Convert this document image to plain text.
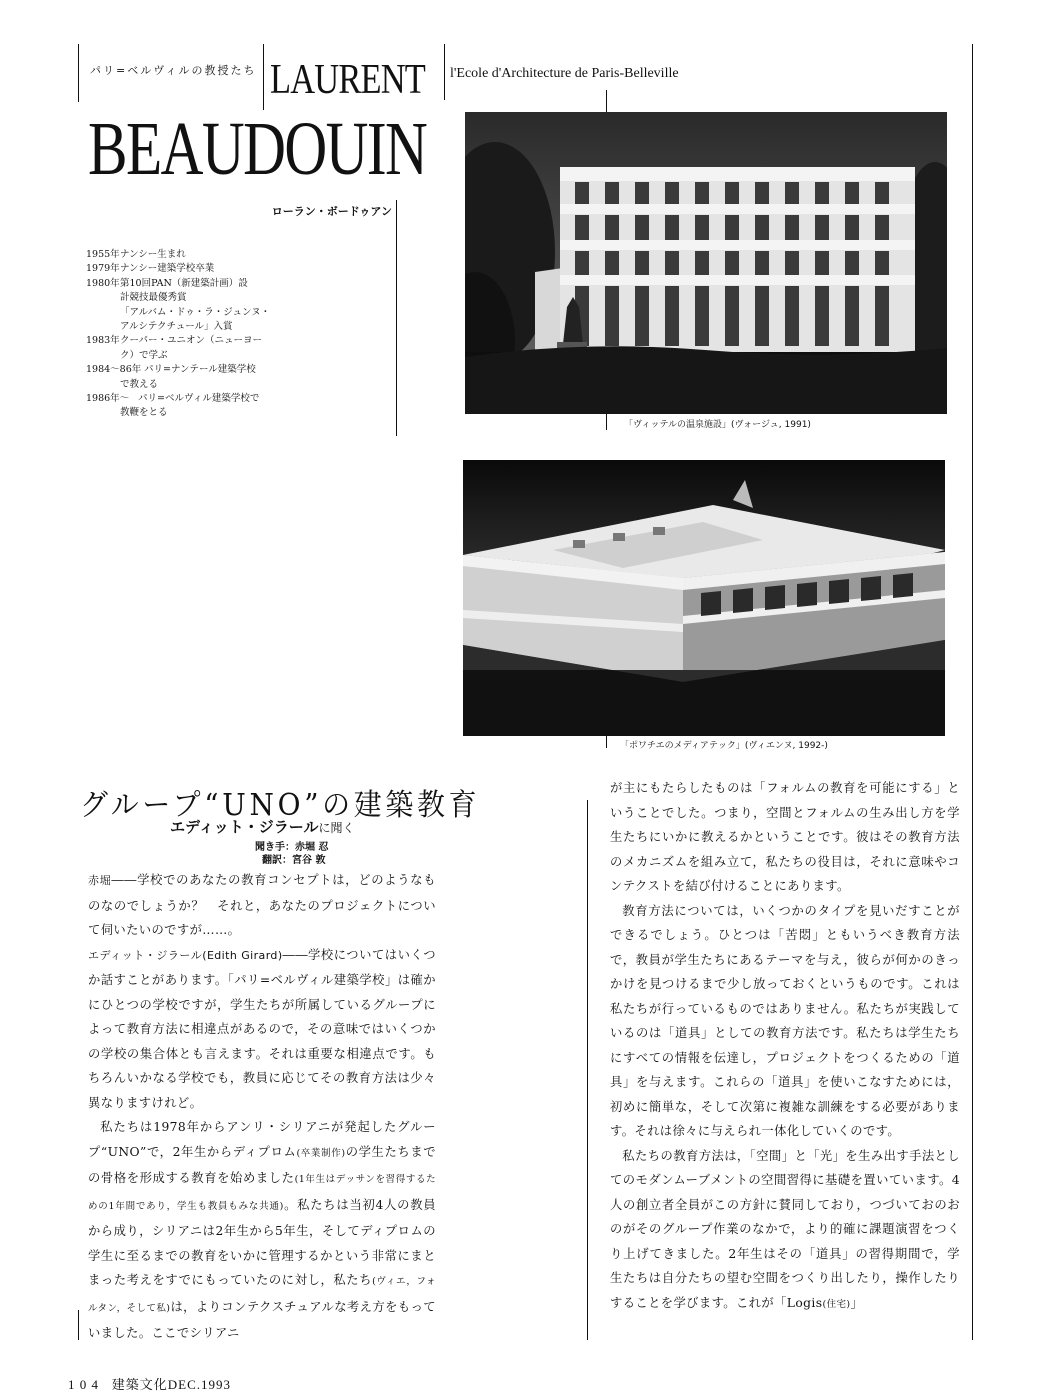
パリ=ベルヴィルの教授たち LAURENT
BEAUDOUIN
ローラン・ボードゥアン
l'Ecole d'Architecture de Paris-Belleville
1955年 ナンシー生まれ
1979年 ナンシー建築学校卒業
1980年 第10回PAN（新建築計画）設
計競技最優秀賞
「アルバム・ドゥ・ラ・ジュンヌ・
アルシテクチュール」入賞
1983年 クーパー・ユニオン（ニューヨー
ク）で学ぶ
1984〜86年 パリ=ナンテール建築学校
で教える
1986年〜 パリ=ベルヴィル建築学校で
教鞭をとる
「ヴィッテルの温泉施設」(ヴォージュ, 1991)
「ポワチエのメディアテック」(ヴィエンヌ, 1992-)
グループ“UNO”の建築教育
エディット・ジラールに聞く
聞き手：赤堀 忍
翻訳：宮谷 敦

赤堀――学校でのあなたの教育コンセプトは，どのようなものなのでしょうか？　それと，あなたのプロジェクトについて伺いたいのですが……。

エディット・ジラール(Edith Girard)――学校についてはいくつか話すことがあります。「パリ=ベルヴィル建築学校」は確かにひとつの学校ですが，学生たちが所属しているグループによって教育方法に相違点があるので，その意味ではいくつかの学校の集合体とも言えます。それは重要な相違点です。もちろんいかなる学校でも，教員に応じてその教育方法は少々異なりますけれど。

私たちは1978年からアンリ・シリアニが発起したグループ“UNO”で，2年生からディプロム(卒業制作)の学生たちまでの骨格を形成する教育を始めました(1年生はデッサンを習得するための1年間であり，学生も教員もみな共通)。私たちは当初4人の教員から成り，シリアニは2年生から5年生，そしてディプロムの学生に至るまでの教育をいかに管理するかという非常にまとまった考えをすでにもっていたのに対し，私たち(ヴィエ，フォルタン，そして私)は，よりコンテクスチュアルな考え方をもっていました。ここでシリアニ

が主にもたらしたものは「フォルムの教育を可能にする」ということでした。つまり，空間とフォルムの生み出し方を学生たちにいかに教えるかということです。彼はその教育方法のメカニズムを組み立て，私たちの役目は，それに意味やコンテクストを結び付けることにあります。

教育方法については，いくつかのタイプを見いだすことができるでしょう。ひとつは「苦悶」ともいうべき教育方法で，教員が学生たちにあるテーマを与え，彼らが何かのきっかけを見つけるまで少し放っておくというものです。これは私たちが行っているものではありません。私たちが実践しているのは「道具」としての教育方法です。私たちは学生たちにすべての情報を伝達し，プロジェクトをつくるための「道具」を与えます。これらの「道具」を使いこなすためには，初めに簡単な，そして次第に複雑な訓練をする必要があります。それは徐々に与えられ一体化していくのです。

私たちの教育方法は，「空間」と「光」を生み出す手法としてのモダンムーブメントの空間習得に基礎を置いています。4人の創立者全員がこの方針に賛同しており，つづいておのおのがそのグループ作業のなかで，より的確に課題演習をつくり上げてきました。2年生はその「道具」の習得期間で，学生たちは自分たちの望む空間をつくり出したり，操作したりすることを学びます。これが「Logis(住宅)」

1 0 4 建築文化DEC.1993
